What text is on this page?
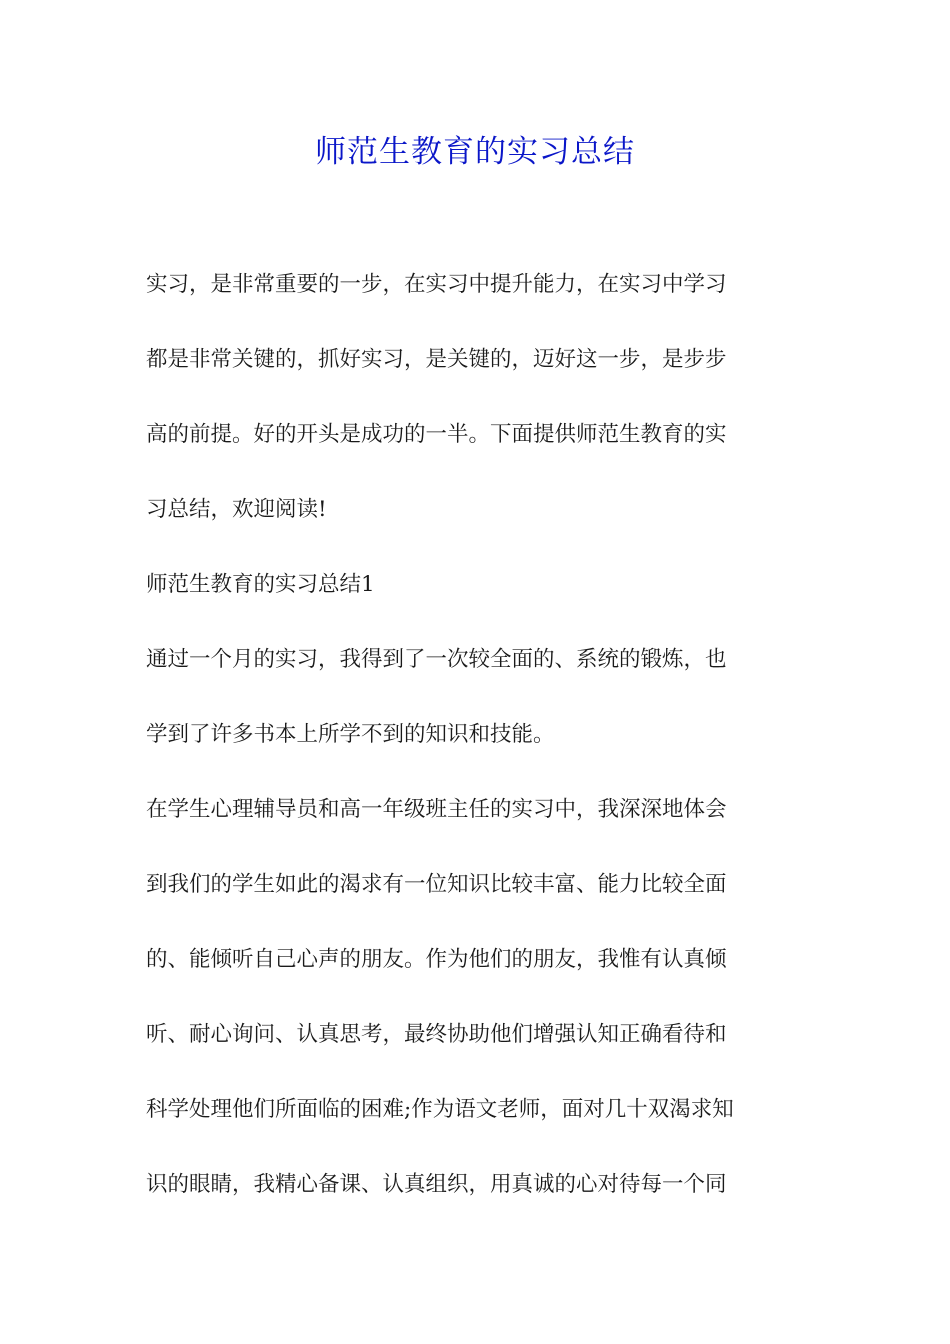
师范生教育的实习总结

实习，是非常重要的一步，在实习中提升能力，在实习中学习

都是非常关键的，抓好实习，是关键的，迈好这一步，是步步

高的前提。好的开头是成功的一半。下面提供师范生教育的实

习总结，欢迎阅读!

师范生教育的实习总结1

通过一个月的实习，我得到了一次较全面的、系统的锻炼，也

学到了许多书本上所学不到的知识和技能。

在学生心理辅导员和高一年级班主任的实习中，我深深地体会

到我们的学生如此的渴求有一位知识比较丰富、能力比较全面

的、能倾听自己心声的朋友。作为他们的朋友，我惟有认真倾

听、耐心询问、认真思考，最终协助他们增强认知正确看待和

科学处理他们所面临的困难;作为语文老师，面对几十双渴求知

识的眼睛，我精心备课、认真组织，用真诚的心对待每一个同
